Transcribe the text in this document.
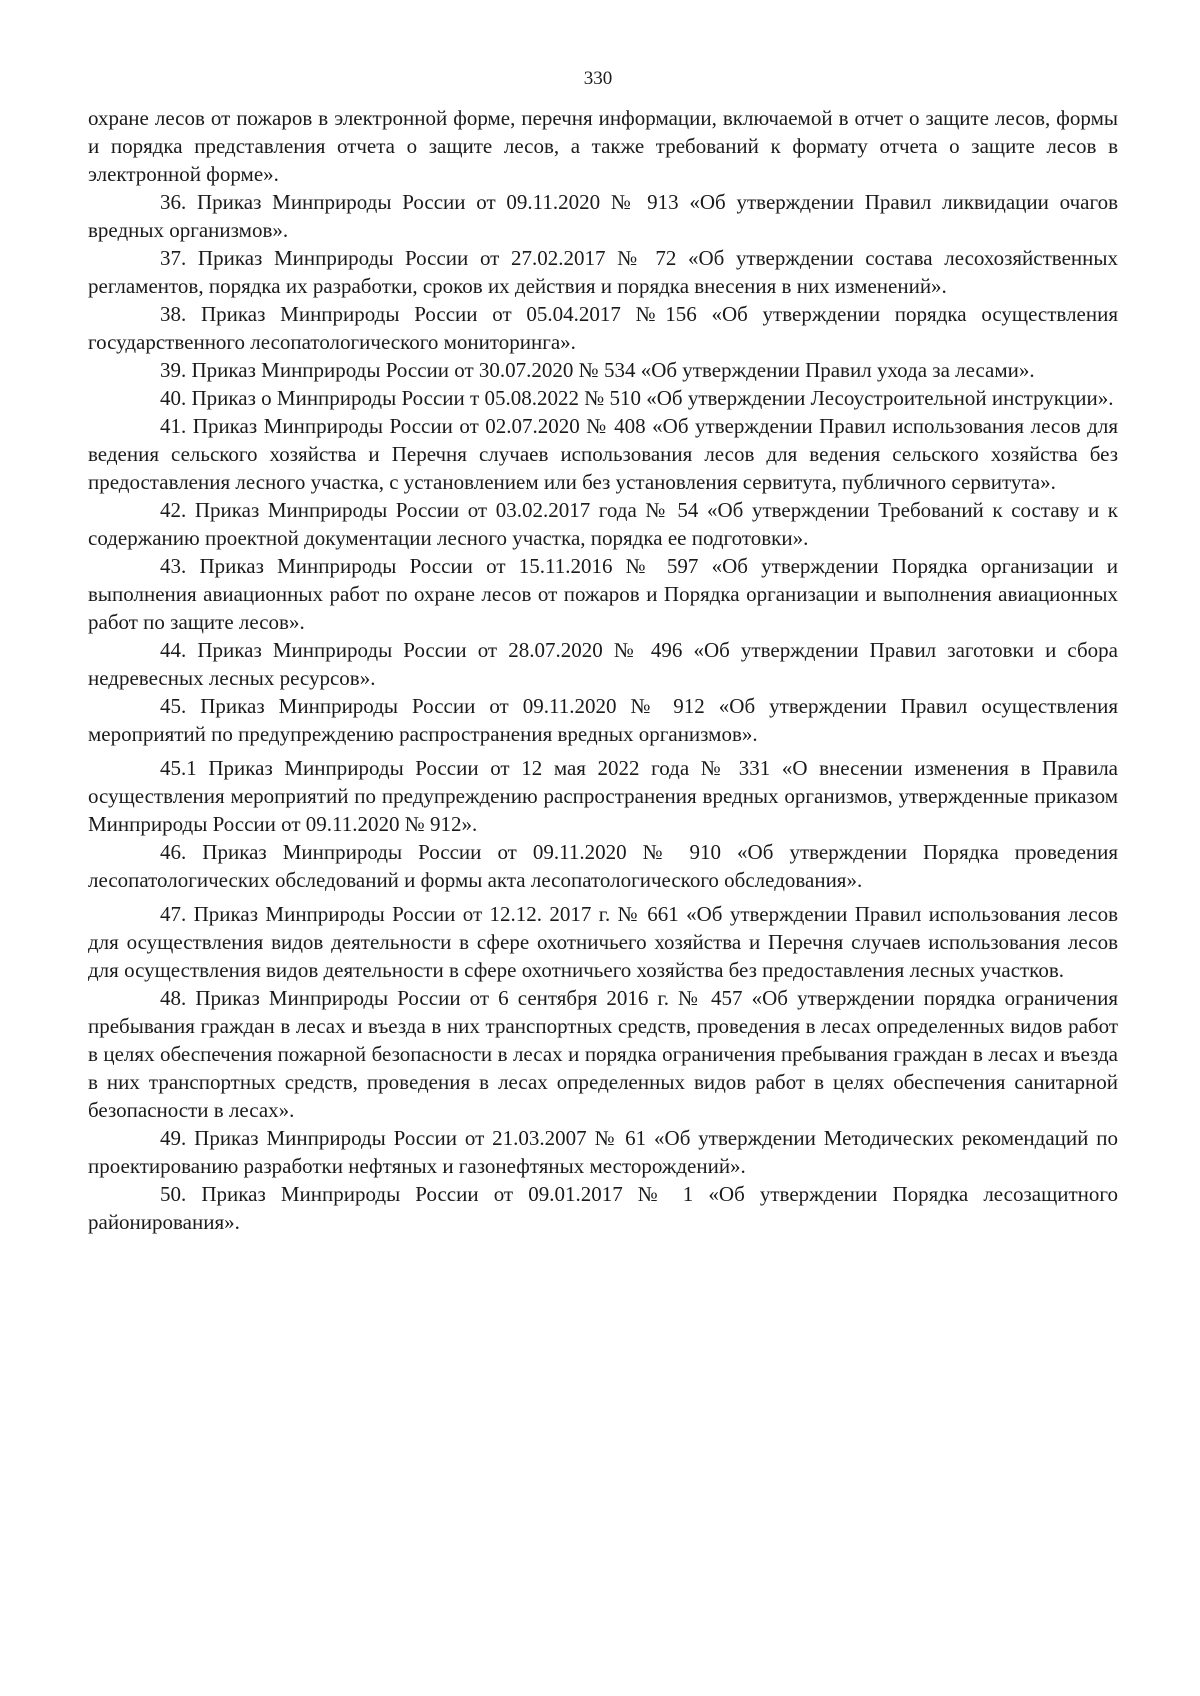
330

охране лесов от пожаров в электронной форме, перечня информации, включаемой в отчет о защите лесов, формы и порядка представления отчета о защите лесов, а также требований к формату отчета о защите лесов в электронной форме».

36. Приказ Минприроды России от 09.11.2020 № 913 «Об утверждении Правил ликвидации очагов вредных организмов».

37. Приказ Минприроды России от 27.02.2017 № 72 «Об утверждении состава лесохозяйственных регламентов, порядка их разработки, сроков их действия и порядка внесения в них изменений».

38. Приказ Минприроды России от 05.04.2017 №156 «Об утверждении порядка осуществления государственного лесопатологического мониторинга».

39. Приказ Минприроды России от 30.07.2020 № 534 «Об утверждении Правил ухода за лесами».

40. Приказ о Минприроды России т 05.08.2022 № 510 «Об утверждении Лесоустроительной инструкции».

41. Приказ Минприроды России от 02.07.2020 № 408 «Об утверждении Правил использования лесов для ведения сельского хозяйства и Перечня случаев использования лесов для ведения сельского хозяйства без предоставления лесного участка, с установлением или без установления сервитута, публичного сервитута».

42. Приказ Минприроды России от 03.02.2017 года № 54 «Об утверждении Требований к составу и к содержанию проектной документации лесного участка, порядка ее подготовки».

43. Приказ Минприроды России от 15.11.2016 № 597 «Об утверждении Порядка организации и выполнения авиационных работ по охране лесов от пожаров и Порядка организации и выполнения авиационных работ по защите лесов».

44. Приказ Минприроды России от 28.07.2020 № 496 «Об утверждении Правил заготовки и сбора недревесных лесных ресурсов».

45. Приказ Минприроды России от 09.11.2020 № 912 «Об утверждении Правил осуществления мероприятий по предупреждению распространения вредных организмов».

45.1 Приказ Минприроды России от 12 мая 2022 года № 331 «О внесении изменения в Правила осуществления мероприятий по предупреждению распространения вредных организмов, утвержденные приказом Минприроды России от 09.11.2020 № 912».

46. Приказ Минприроды России от 09.11.2020 № 910 «Об утверждении Порядка проведения лесопатологических обследований и формы акта лесопатологического обследования».

47. Приказ Минприроды России от 12.12. 2017 г. № 661 «Об утверждении Правил использования лесов для осуществления видов деятельности в сфере охотничьего хозяйства и Перечня случаев использования лесов для осуществления видов деятельности в сфере охотничьего хозяйства без предоставления лесных участков.

48. Приказ Минприроды России от 6 сентября 2016 г. № 457 «Об утверждении порядка ограничения пребывания граждан в лесах и въезда в них транспортных средств, проведения в лесах определенных видов работ в целях обеспечения пожарной безопасности в лесах и порядка ограничения пребывания граждан в лесах и въезда в них транспортных средств, проведения в лесах определенных видов работ в целях обеспечения санитарной безопасности в лесах».

49. Приказ Минприроды России от 21.03.2007 № 61 «Об утверждении Методических рекомендаций по проектированию разработки нефтяных и газонефтяных месторождений».

50. Приказ Минприроды России от 09.01.2017 № 1 «Об утверждении Порядка лесозащитного районирования».
